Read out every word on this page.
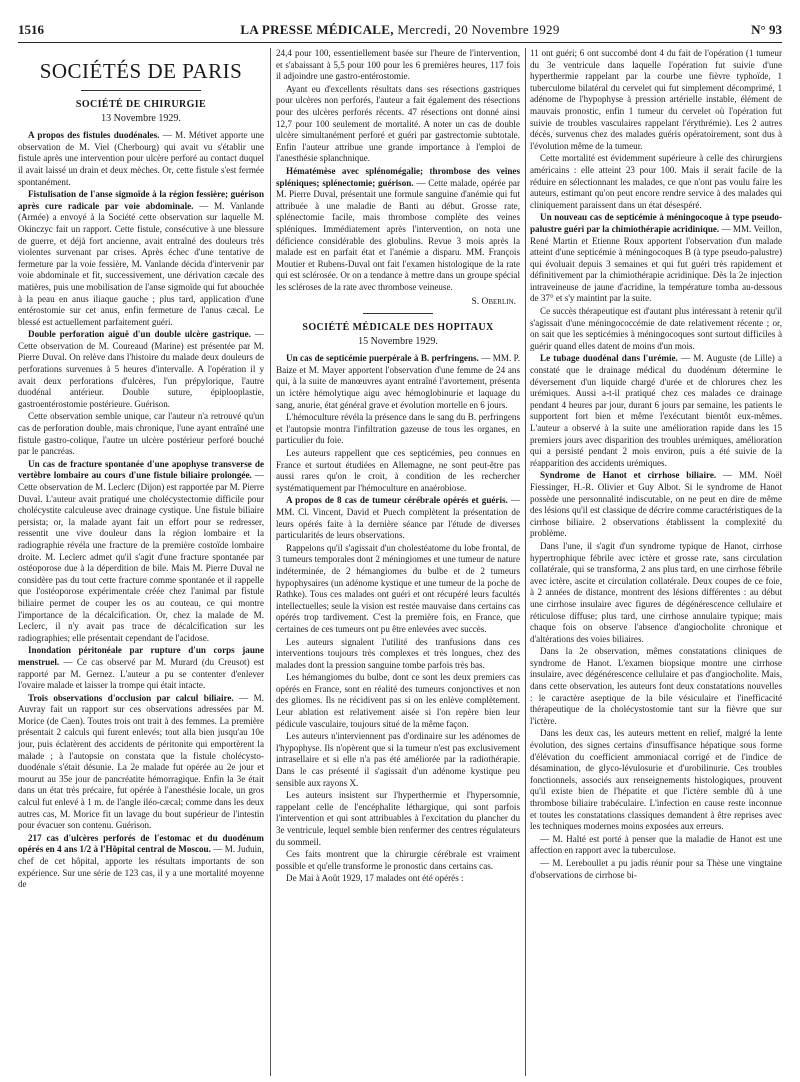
1516	LA PRESSE MÉDICALE, Mercredi, 20 Novembre 1929	N° 93
SOCIÉTÉS DE PARIS
SOCIÉTÉ DE CHIRURGIE
13 Novembre 1929.

A propos des fistules duodénales. — M. Métivet apporte une observation de M. Viel (Cherbourg) qui avait vu s'établir une fistule après une intervention pour ulcère perforé au contact duquel il avait laissé un drain et deux mèches. Or, cette fistule s'est fermée spontanément.

Fistulisation de l'anse sigmoïde à la région fessière; guérison après cure radicale par voie abdominale. — M. Vanlande (Armée) a envoyé à la Société cette observation sur laquelle M. Okinczyc fait un rapport. Cette fistule, consécutive à une blessure de guerre, et déjà fort ancienne, avait entraîné des douleurs très violentes survenant par crises. Après échec d'une tentative de fermeture par la voie fessière, M. Vanlande décida d'intervenir par voie abdominale et fit, successivement, une dérivation cæcale des matières, puis une mobilisation de l'anse sigmoïde qui fut abouchée à la peau en anus iliaque gauche ; plus tard, application d'une entérostomie sur cet anus, enfin fermeture de l'anus cæcal. Le blessé est actuellement parfaitement guéri.

Double perforation aiguë d'un double ulcère gastrique. — Cette observation de M. Coureaud (Marine) est présentée par M. Pierre Duval. On relève dans l'histoire du malade deux douleurs de perforations survenues à 5 heures d'intervalle. A l'opération il y avait deux perforations d'ulcères, l'un prépylorique, l'autre duodénal antérieur. Double suture, épiplooplastie, gastroentérostomie postérieure. Guérison.

Cette observation semble unique, car l'auteur n'a retrouvé qu'un cas de perforation double, mais chronique, l'une ayant entraîné une fistule gastro-colique, l'autre un ulcère postérieur perforé bouché par le pancréas.

Un cas de fracture spontanée d'une apophyse transverse de vertèbre lombaire au cours d'une fistule biliaire prolongée. — Cette observation de M. Leclerc (Dijon) est rapportée par M. Pierre Duval. L'auteur avait pratiqué une cholécystectomie difficile pour cholécystite calculeuse avec drainage cystique. Une fistule biliaire persista; or, la malade ayant fait un effort pour se redresser, ressentit une vive douleur dans la région lombaire et la radiographie révéla une fracture de la première costoïde lombaire droite. M. Leclerc admet qu'il s'agit d'une fracture spontanée par ostéoporose due à la déperdition de bile. Mais M. Pierre Duval ne considère pas du tout cette fracture comme spontanée et il rappelle que l'ostéoporose expérimentale créée chez l'animal par fistule biliaire permet de couper les os au couteau, ce qui montre l'importance de la décalcification. Or, chez la malade de M. Leclerc, il n'y avait pas trace de décalcification sur les radiographies; elle présentait cependant de l'acidose.

Inondation péritonéale par rupture d'un corps jaune menstruel. — Ce cas observé par M. Murard (du Creusot) est rapporté par M. Gernez. L'auteur a pu se contenter d'enlever l'ovaire malade et laisser la trompe qui était intacte.

Trois observations d'occlusion par calcul biliaire. — M. Auvray fait un rapport sur ces observations adressées par M. Morice (de Caen). Toutes trois ont trait à des femmes. La première présentait 2 calculs qui furent enlevés; tout alla bien jusqu'au 10e jour, puis éclatèrent des accidents de péritonite qui emportèrent la malade ; à l'autopsie on constata que la fistule cholécysto-duodénale s'était désunie. La 2e malade fut opérée au 2e jour et mourut au 35e jour de pancréatite hémorragique. Enfin la 3e était dans un état très précaire, fut opérée à l'anesthésie locale, un gros calcul fut enlevé à 1 m. de l'angle iléo-cæcal; comme dans les deux autres cas, M. Morice fit un lavage du bout supérieur de l'intestin pour évacuer son contenu. Guérison.

217 cas d'ulcères perforés de l'estomac et du duodénum opérés en 4 ans 1/2 à l'Hôpital central de Moscou. — M. Juduin, chef de cet hôpital, apporte les résultats importants de son expérience. Sur une série de 123 cas, il y a une mortalité moyenne de

24,4 pour 100, essentiellement basée sur l'heure de l'intervention, et s'abaissant à 5,5 pour 100 pour les 6 premières heures, 117 fois il adjoindre une gastro-entérostomie.

Ayant eu d'excellents résultats dans ses résections gastriques pour ulcères non perforés, l'auteur a fait également des résections pour des ulcères perforés récents. 47 résections ont donné ainsi 12,7 pour 100 seulement de mortalité. A noter un cas de double ulcère simultanément perforé et guéri par gastrectomie subtotale. Enfin l'auteur attribue une grande importance à l'emploi de l'anesthésie splanchnique.

Hématémèse avec splénomégalie; thrombose des veines spléniques; splénectomie; guérison. — Cette malade, opérée par M. Pierre Duval, présentait une formule sanguine d'anémie qui fut attribuée à une maladie de Banti au début. Grosse rate, splénectomie facile, mais thrombose complète des veines spléniques. Immédiatement après l'intervention, on nota une déficience considérable des globulins. Revue 3 mois après la malade est en parfait état et l'anémie a disparu. MM. François Moutier et Rubens-Duval ont fait l'examen histologique de la rate qui est sclérosée. Or on a tendance à mettre dans un groupe spécial les scléroses de la rate avec thrombose veineuse.

S. Oberlin.
SOCIÉTÉ MÉDICALE DES HOPITAUX
15 Novembre 1929.

Un cas de septicémie puerpérale à B. perfringens. — MM. P. Baize et M. Mayer apportent l'observation d'une femme de 24 ans qui, à la suite de manœuvres ayant entraîné l'avortement, présenta un ictère hémolytique aigu avec hémoglobinurie et laquage du sang, anurie, état général grave et évolution mortelle en 6 jours.

L'hémoculture révéla la présence dans le sang du B. perfringens et l'autopsie montra l'infiltration gazeuse de tous les organes, en particulier du foie.

Les auteurs rappellent que ces septicémies, peu connues en France et surtout étudiées en Allemagne, ne sont peut-être pas aussi rares qu'on le croit, à condition de les rechercher systématiquement par l'hémoculture en anaérobiose.

A propos de 8 cas de tumeur cérébrale opérés et guéris. — MM. Cl. Vincent, David et Puech complètent la présentation de leurs opérés faite à la dernière séance par l'étude de diverses particularités de leurs observations.

Rappelons qu'il s'agissait d'un cholestéatome du lobe frontal, de 3 tumeurs temporales dont 2 méningiomes et une tumeur de nature indéterminée, de 2 hémangiomes du bulbe et de 2 tumeurs hypophysaires (un adénome kystique et une tumeur de la poche de Rathke). Tous ces malades ont guéri et ont récupéré leurs facultés intellectuelles; seule la vision est restée mauvaise dans certains cas opérés trop tardivement. C'est la première fois, en France, que certaines de ces tumeurs ont pu être enlevées avec succès.

Les auteurs signalent l'utilité des tranfusions dans ces interventions toujours très complexes et très longues, chez des malades dont la pression sanguine tombe parfois très bas.

Les hémangiomes du bulbe, dont ce sont les deux premiers cas opérés en France, sont en réalité des tumeurs conjonctives et non des gliomes. Ils ne récidivent pas si on les enlève complètement. Leur ablation est relativement aisée si l'on repère bien leur pédicule vasculaire, toujours situé de la même façon.

Les auteurs n'interviennent pas d'ordinaire sur les adénomes de l'hypophyse. Ils n'opèrent que si la tumeur n'est pas exclusivement intrasellaire et si elle n'a pas été améliorée par la radiothérapie. Dans le cas présenté il s'agissait d'un adénome kystique peu sensible aux rayons X.

Les auteurs insistent sur l'hyperthermie et l'hypersomnie, rappelant celle de l'encéphalite léthargique, qui sont parfois l'intervention et qui sont attribuables à l'excitation du plancher du 3e ventricule, lequel semble bien renfermer des centres régulateurs du sommeil.

Ces faits montrent que la chirurgie cérébrale est vraiment possible et qu'elle transforme le pronostic dans certains cas.

De Mai à Août 1929, 17 malades ont été opérés :

11 ont guéri; 6 ont succombé dont 4 du fait de l'opération (1 tumeur du 3e ventricule dans laquelle l'opération fut suivie d'une hyperthermie rappelant par la courbe une fièvre typhoïde, 1 tuberculome bilatéral du cervelet qui fut simplement décomprimé, 1 adénome de l'hypophyse à pression artérielle instable, élément de mauvais pronostic, enfin 1 tumeur du cervelet où l'opération fut suivie de troubles vasculaires rappelant l'érythrémie). Les 2 autres décès, survenus chez des malades guéris opératoirement, sont dus à l'évolution même de la tumeur.

Cette mortalité est évidemment supérieure à celle des chirurgiens américains : elle atteint 23 pour 100. Mais il serait facile de la réduire en sélectionnant les malades, ce que n'ont pas voulu faire les auteurs, estimant qu'on peut encore rendre service à des malades qui cliniquement paraissent dans un état désespéré.

Un nouveau cas de septicémie à méningocoque à type pseudo-palustre guéri par la chimiothérapie acridinique. — MM. Veillon, René Martin et Etienne Roux apportent l'observation d'un malade atteint d'une septicémie à méningocoques B (à type pseudo-palustre) qui évoluait depuis 3 semaines et qui fut guéri très rapidement et définitivement par la chimiothérapie acridinique. Dès la 2e injection intraveineuse de jaune d'acridine, la température tomba au-dessous de 37° et s'y maintint par la suite.

Ce succès thérapeutique est d'autant plus intéressant à retenir qu'il s'agissait d'une méningococcémie de date relativement récente ; or, on sait que les septicémies à méningocoques sont surtout difficiles à guérir quand elles datent de moins d'un mois.

Le tubage duodénal dans l'urémie. — M. Auguste (de Lille) a constaté que le drainage médical du duodénum détermine le déversement d'un liquide chargé d'urée et de chlorures chez les urémiques. Aussi a-t-il pratiqué chez ces malades ce drainage pendant 4 heures par jour, durant 6 jours par semaine, les patients le supportent fort bien et même l'exécutant bientôt eux-mêmes. L'auteur a observé à la suite une amélioration rapide dans les 15 premiers jours avec disparition des troubles urémiques, amélioration qui a persisté pendant 2 mois environ, puis a été suivie de la réapparition des accidents urémiques.

Syndrome de Hanot et cirrhose biliaire. — MM. Noël Fiessinger, H.-R. Olivier et Guy Albot. Si le syndrome de Hanot possède une personnalité indiscutable, on ne peut en dire de même des lésions qu'il est classique de décrire comme caractéristiques de la cirrhose biliaire. 2 observations établissent la complexité du problème.

Dans l'une, il s'agit d'un syndrome typique de Hanot, cirrhose hypertrophique fébrile avec ictère et grosse rate, sans circulation collatérale, qui se transforma, 2 ans plus tard, en une cirrhose fébrile avec ictère, ascite et circulation collatérale. Deux coupes de ce foie, à 2 années de distance, montrent des lésions différentes : au début une cirrhose insulaire avec figures de dégénérescence cellulaire et réticulose diffuse; plus tard, une cirrhose annulaire typique; mais chaque fois on observe l'absence d'angiocholite chronique et d'altérations des voies biliaires.

Dans la 2e observation, mêmes constatations cliniques de syndrome de Hanot. L'examen biopsique montre une cirrhose insulaire, avec dégénérescence cellulaire et pas d'angiocholite. Mais, dans cette observation, les auteurs font deux constatations nouvelles : le caractère aseptique de la bile vésiculaire et l'inefficacité thérapeutique de la cholécystostomie tant sur la fièvre que sur l'ictère.

Dans les deux cas, les auteurs mettent en relief, malgré la lente évolution, des signes certains d'insuffisance hépatique sous forme d'élévation du coefficient ammoniacal corrigé et de l'indice de désamination, de glyco-lévulosurie et d'urobilinurie. Ces troubles fonctionnels, associés aux renseignements histologiques, prouvent qu'il existe bien de l'hépatite et que l'ictère semble dû à une thrombose biliaire trabéculaire. L'infection en cause reste inconnue et toutes les constatations classiques demandent à être reprises avec les techniques modernes moins exposées aux erreurs.

— M. Halté est porté à penser que la maladie de Hanot est une affection en rapport avec la tuberculose.

— M. Lereboullet a pu jadis réunir pour sa Thèse une vingtaine d'observations de cirrhose bi-
